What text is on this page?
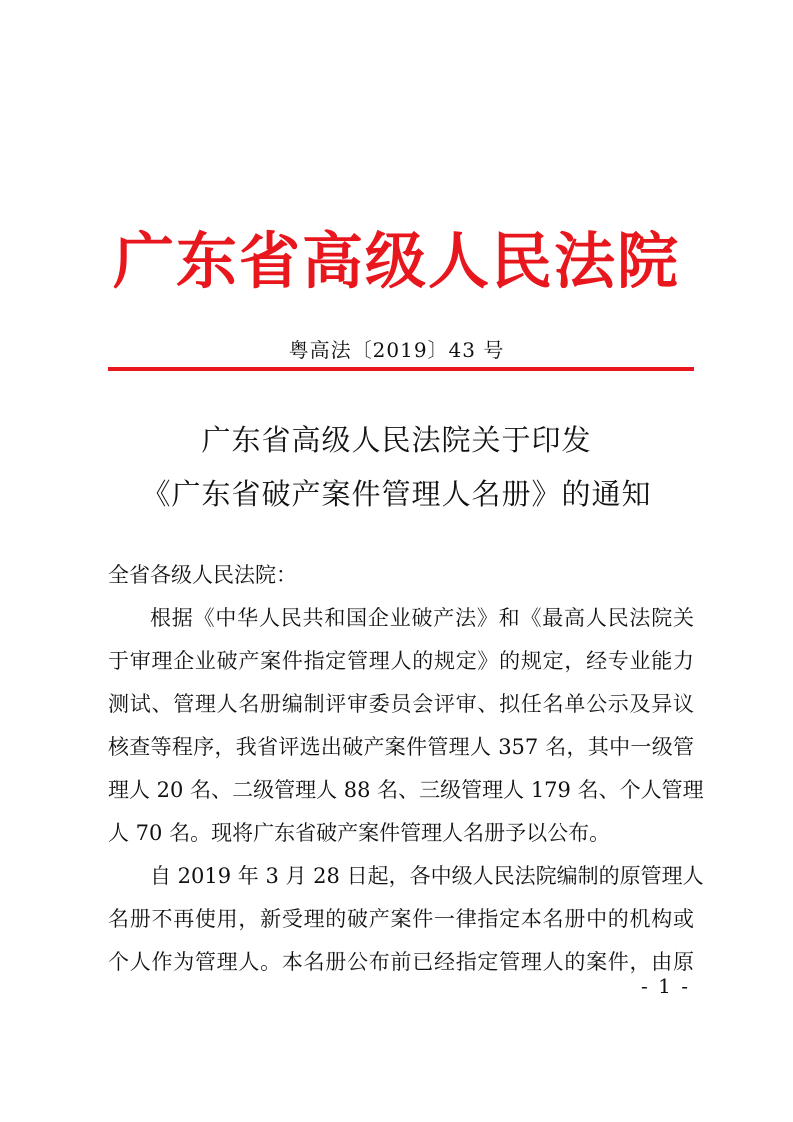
广东省高级人民法院
粤高法〔2019〕43 号
广东省高级人民法院关于印发
《广东省破产案件管理人名册》的通知
全省各级人民法院：
根据《中华人民共和国企业破产法》和《最高人民法院关
于审理企业破产案件指定管理人的规定》的规定，经专业能力
测试、管理人名册编制评审委员会评审、拟任名单公示及异议
核查等程序，我省评选出破产案件管理人 357 名，其中一级管
理人 20 名、二级管理人 88 名、三级管理人 179 名、个人管理
人 70 名。现将广东省破产案件管理人名册予以公布。
自 2019 年 3 月 28 日起，各中级人民法院编制的原管理人
名册不再使用，新受理的破产案件一律指定本名册中的机构或
个人作为管理人。本名册公布前已经指定管理人的案件，由原
- 1 -
